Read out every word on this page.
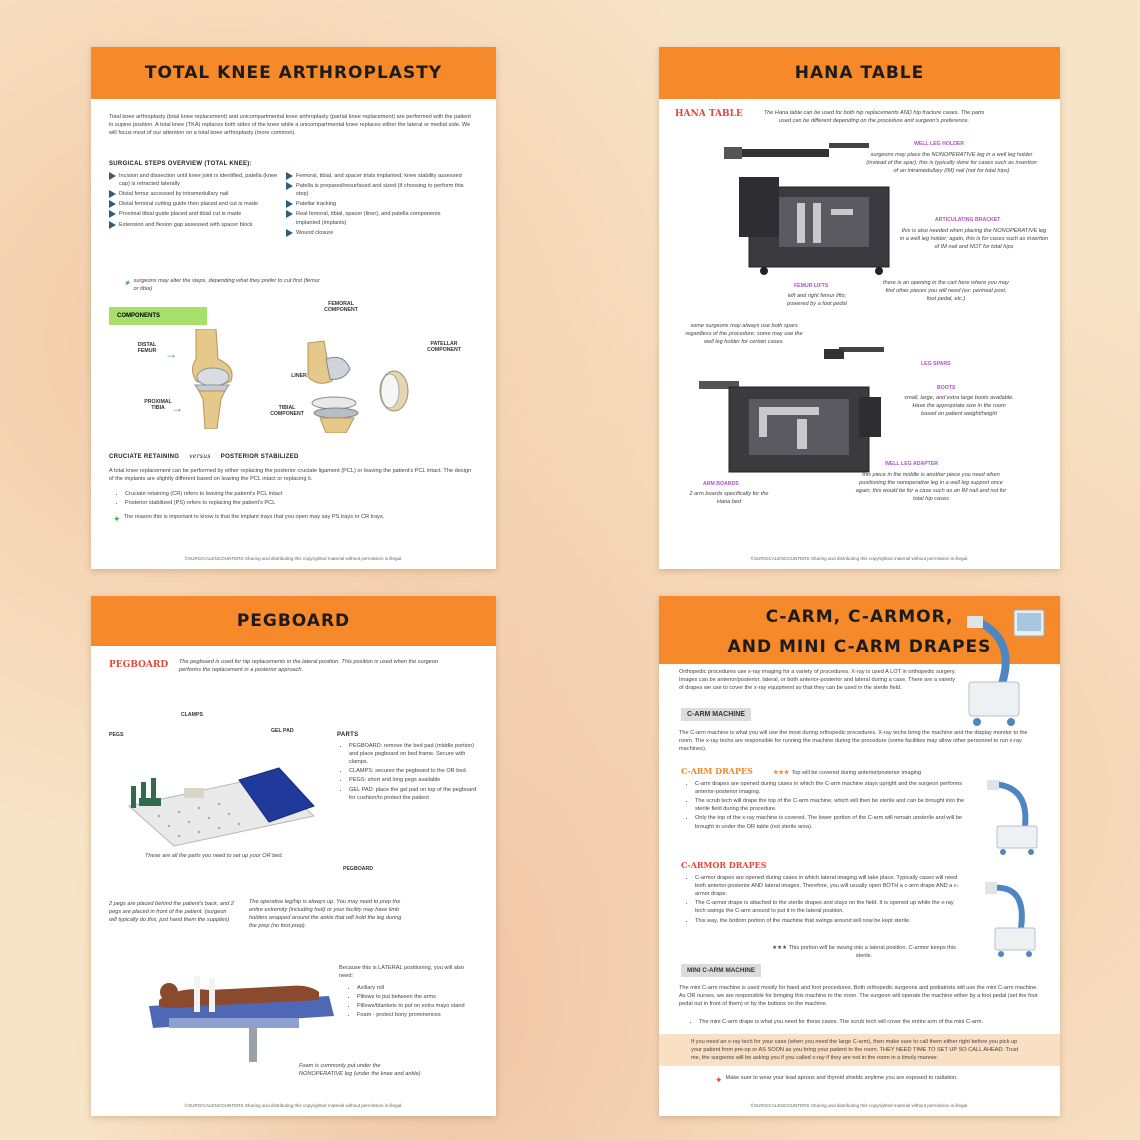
TOTAL KNEE ARTHROPLASTY
Total knee arthroplasty (total knee replacement) and unicompartmental knee arthroplasty (partial knee replacement) are performed with the patient in supine position. A total knee (TKA) replaces both sides of the knee while a unicompartmental knee replaces either the lateral or medial side. We will focus most of our attention on a total knee arthroplasty (more common).
SURGICAL STEPS OVERVIEW (TOTAL KNEE):
Incision and dissection until knee joint is identified, patella (knee cap) is retracted laterally
Distal femur accessed by intramedullary nail
Distal femoral cutting guide then placed and cut is made
Proximal tibial guide placed and tibial cut is made
Extension and flexion gap assessed with spacer block
Femoral, tibial, and spacer trials implanted; knee stability assessed
Patella is prepared/resurfaced and sized (if choosing to perform this step)
Patellar tracking
Real femoral, tibial, spacer (liner), and patella components implanted (implants)
Wound closure
✦ surgeons may alter the steps, depending what they prefer to cut first (femur or tibia)
COMPONENTS
DISTAL FEMUR →
PROXIMAL TIBIA →
FEMORAL COMPONENT
PATELLAR COMPONENT
LINER
TIBIAL COMPONENT
CRUCIATE RETAINING versus POSTERIOR STABILIZED
A total knee replacement can be performed by either replacing the posterior cruciate ligament (PCL) or leaving the patient's PCL intact. The design of the implants are slightly different based on leaving the PCL intact or replacing it.
• Cruciate retaining (CR) refers to leaving the patient's PCL intact
• Posterior stabilized (PS) refers to replacing the patient's PCL
✦ The reason this is important to know is that the implant trays that you open may say PS trays or CR trays.
©SURGICALENCOUNTERS Sharing and distributing this copyrighted material without permission is illegal.
HANA TABLE
HANA TABLE	The Hana table can be used for both hip replacements AND hip fracture cases. The parts used can be different depending on the procedure and surgeon's preference.
WELL LEG HOLDER
surgeons may place the NONOPERATIVE leg in a well leg holder (instead of the spar); this is typically done for cases such as insertion of an intramedullary (IM) nail (not for total hips)
ARTICULATING BRACKET
this is also needed when placing the NONOPERATIVE leg in a well leg holder; again, this is for cases such as insertion of IM nail and NOT for total hips
FEMUR LIFTS
left and right femur lifts; powered by a foot pedal
there is an opening in the cart here where you may find other pieces you will need (ex: perineal post, foot pedal, etc.)
some surgeons may always use both spars regardless of the procedure; some may use the well leg holder for certain cases.
LEG SPARS
BOOTS
small, large, and extra large boots available. Have the appropriate size in the room based on patient weight/height
ARM BOARDS
2 arm boards specifically for the Hana bed
WELL LEG ADAPTER
this piece in the middle is another piece you need when positioning the nonoperative leg in a well leg support once again; this would be for a case such as an IM nail and not for total hip cases
©SURGICALENCOUNTERS Sharing and distributing this copyrighted material without permission is illegal.
PEGBOARD
PEGBOARD The pegboard is used for hip replacements in the lateral position. This position is used when the surgeon performs the replacement in a posterior approach.
CLAMPS
PEGS
GEL PAD
PEGBOARD
These are all the parts you need to set up your OR bed.
PARTS
• PEGBOARD: remove the bed pad (middle portion) and place pegboard on bed frame. Secure with clamps.
• CLAMPS: secures the pegboard to the OR bed.
• PEGS: short and long pegs available
• GEL PAD: place the gel pad on top of the pegboard for cushion/to protect the patient
2 pegs are placed behind the patient's back, and 2 pegs are placed in front of the patient. (surgeon will typically do this, just hand them the supplies)
The operative leg/hip is always up. You may need to prep the entire extremity (including foot) or your facility may have limb holders wrapped around the ankle that will hold the leg during the prep (no foot prep).
Because this is LATERAL positioning, you will also need:
• Axillary roll
• Pillows to put between the arms
• Pillows/blankets to put on extra mayo stand
• Foam - protect bony prominences
Foam is commonly put under the NONOPERATIVE leg (under the knee and ankle)
©SURGICALENCOUNTERS Sharing and distributing this copyrighted material without permission is illegal.
C-ARM, C-ARMOR,
AND MINI C-ARM DRAPES
Orthopedic procedures use x-ray imaging for a variety of procedures. X-ray is used A LOT in orthopedic surgery. Images can be anterior/posterior, lateral, or both anterior-posterior and lateral during a case. There are a variety of drapes we use to cover the x-ray equipment so that they can be used in the sterile field.
C-ARM MACHINE
The C-arm machine is what you will use the most during orthopedic procedures. X-ray techs bring the machine and the display monitor to the room. The x-ray techs are responsible for running the machine during the procedure (some facilities may allow other personnel to run x-ray machines).
C-ARM DRAPES	★★★ Top will be covered during anterior/posterior imaging
• C-arm drapes are opened during cases in which the C-arm machine stays upright and the surgeon performs anterior-posterior imaging.
• The scrub tech will drape the top of the C-arm machine, which will then be sterile and can be brought into the sterile field during the procedure.
• Only the top of the x-ray machine is covered. The lower portion of the C-arm will remain unsterile and will be brought in under the OR table (not sterile area).
C-ARMOR DRAPES
• C-armor drapes are opened during cases in which lateral imaging will take place. Typically cases will need both anterior-posterior AND lateral images. Therefore, you will usually open BOTH a c-arm drape AND a c-armor drape.
• The C-armor drape is attached to the sterile drapes and stays on the field. It is opened up while the x-ray tech swings the C-arm around to put it in the lateral position.
• This way, the bottom portion of the machine that swings around will now be kept sterile.
★★★ This portion will be swung into a lateral position. C-armor keeps this sterile.
MINI C-ARM MACHINE
The mini C-arm machine is used mostly for hand and foot procedures. Both orthopedic surgeons and podiatrists will use the mini C-arm machine. As OR nurses, we are responsible for bringing this machine to the room. The surgeon will operate the machine either by a foot pedal (set the foot pedal out in front of them) or by the buttons on the machine.
• The mini C-arm drape is what you need for these cases. The scrub tech will cover the entire arm of the mini C-arm.
If you need an x-ray tech for your case (when you need the large C-arm), then make sure to call them either right before you pick up your patient from pre-op or AS SOON as you bring your patient to the room. THEY NEED TIME TO SET UP SO CALL AHEAD. Trust me, the surgeons will be asking you if you called x-ray if they are not in the room in a timely manner.
✦ Make sure to wear your lead aprons and thyroid shields anytime you are exposed to radiation.
©SURGICALENCOUNTERS Sharing and distributing this copyrighted material without permission is illegal.
